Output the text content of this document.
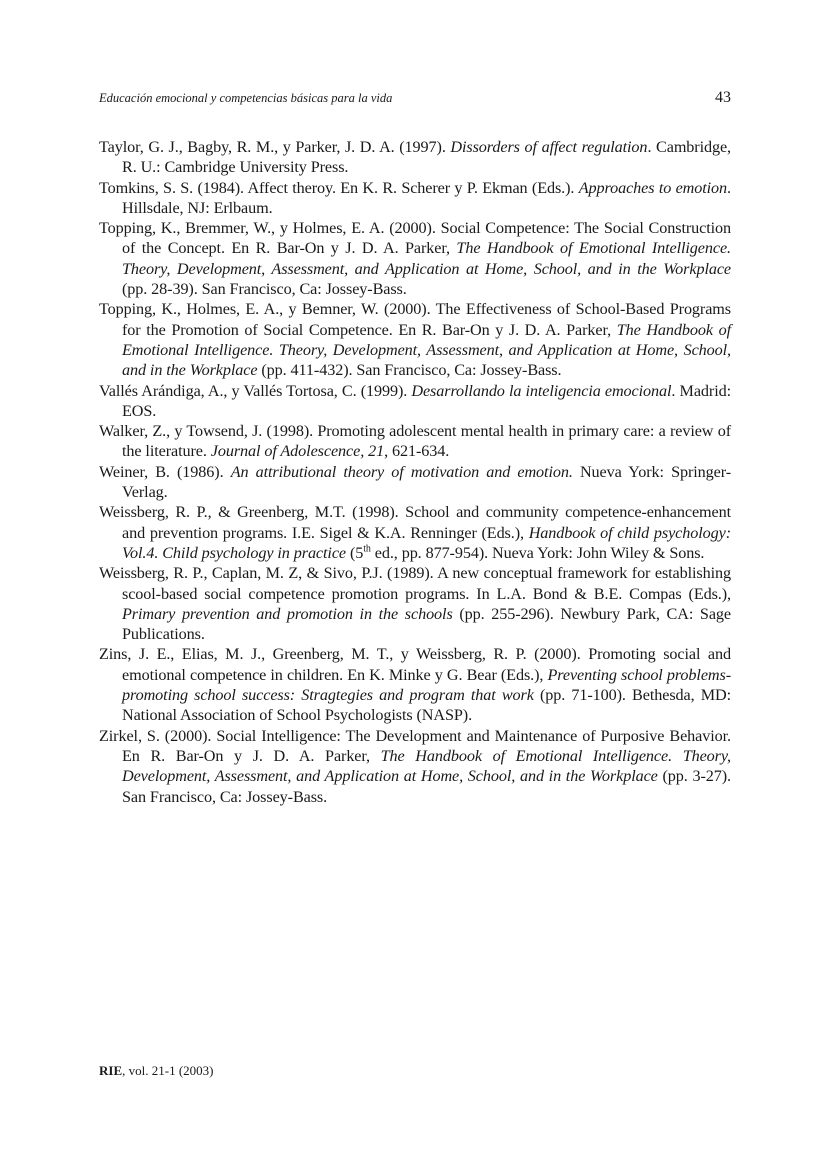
Educación emocional y competencias básicas para la vida	43

Taylor, G. J., Bagby, R. M., y Parker, J. D. A. (1997). Dissorders of affect regulation. Cambridge, R. U.: Cambridge University Press.

Tomkins, S. S. (1984). Affect theroy. En K. R. Scherer y P. Ekman (Eds.). Approaches to emotion. Hillsdale, NJ: Erlbaum.

Topping, K., Bremmer, W., y Holmes, E. A. (2000). Social Competence: The Social Construction of the Concept. En R. Bar-On y J. D. A. Parker, The Handbook of Emotional Intelligence. Theory, Development, Assessment, and Application at Home, School, and in the Workplace (pp. 28-39). San Francisco, Ca: Jossey-Bass.

Topping, K., Holmes, E. A., y Bemner, W. (2000). The Effectiveness of School-Based Programs for the Promotion of Social Competence. En R. Bar-On y J. D. A. Parker, The Handbook of Emotional Intelligence. Theory, Development, Assessment, and Application at Home, School, and in the Workplace (pp. 411-432). San Francisco, Ca: Jossey-Bass.

Vallés Arándiga, A., y Vallés Tortosa, C. (1999). Desarrollando la inteligencia emocional. Madrid: EOS.

Walker, Z., y Towsend, J. (1998). Promoting adolescent mental health in primary care: a review of the literature. Journal of Adolescence, 21, 621-634.

Weiner, B. (1986). An attributional theory of motivation and emotion. Nueva York: Springer-Verlag.

Weissberg, R. P., & Greenberg, M.T. (1998). School and community competence-enhancement and prevention programs. I.E. Sigel & K.A. Renninger (Eds.), Handbook of child psychology: Vol.4. Child psychology in practice (5th ed., pp. 877-954). Nueva York: John Wiley & Sons.

Weissberg, R. P., Caplan, M. Z, & Sivo, P.J. (1989). A new conceptual framework for establishing scool-based social competence promotion programs. In L.A. Bond & B.E. Compas (Eds.), Primary prevention and promotion in the schools (pp. 255-296). Newbury Park, CA: Sage Publications.

Zins, J. E., Elias, M. J., Greenberg, M. T., y Weissberg, R. P. (2000). Promoting social and emotional competence in children. En K. Minke y G. Bear (Eds.), Preventing school problems-promoting school success: Stragtegies and program that work (pp. 71-100). Bethesda, MD: National Association of School Psychologists (NASP).

Zirkel, S. (2000). Social Intelligence: The Development and Maintenance of Purposive Behavior. En R. Bar-On y J. D. A. Parker, The Handbook of Emotional Intelligence. Theory, Development, Assessment, and Application at Home, School, and in the Workplace (pp. 3-27). San Francisco, Ca: Jossey-Bass.

RIE, vol. 21-1 (2003)
